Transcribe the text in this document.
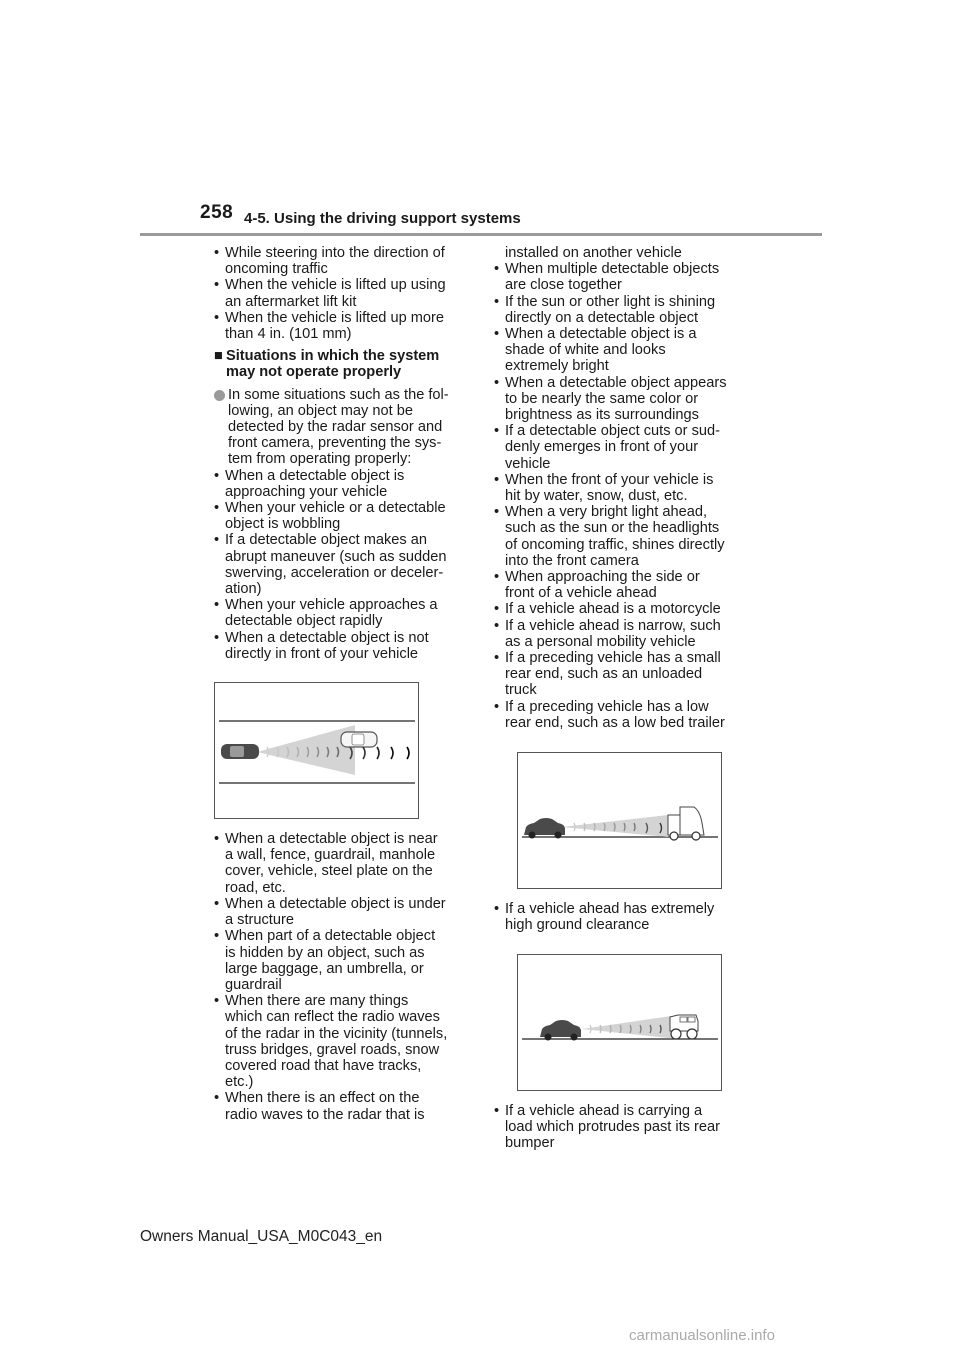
258 4-5. Using the driving support systems
• While steering into the direction of
oncoming traffic
• When the vehicle is lifted up using
an aftermarket lift kit
• When the vehicle is lifted up more
than 4 in. (101 mm)
■ Situations in which the system
may not operate properly
In some situations such as the fol-
lowing, an object may not be
detected by the radar sensor and
front camera, preventing the sys-
tem from operating properly:
• When a detectable object is
approaching your vehicle
• When your vehicle or a detectable
object is wobbling
• If a detectable object makes an
abrupt maneuver (such as sudden
swerving, acceleration or deceler-
ation)
• When your vehicle approaches a
detectable object rapidly
• When a detectable object is not
directly in front of your vehicle
• When a detectable object is near
a wall, fence, guardrail, manhole
cover, vehicle, steel plate on the
road, etc.
• When a detectable object is under
a structure
• When part of a detectable object
is hidden by an object, such as
large baggage, an umbrella, or
guardrail
• When there are many things
which can reflect the radio waves
of the radar in the vicinity (tunnels,
truss bridges, gravel roads, snow
covered road that have tracks,
etc.)
• When there is an effect on the
radio waves to the radar that is
installed on another vehicle
• When multiple detectable objects
are close together
• If the sun or other light is shining
directly on a detectable object
• When a detectable object is a
shade of white and looks
extremely bright
• When a detectable object appears
to be nearly the same color or
brightness as its surroundings
• If a detectable object cuts or sud-
denly emerges in front of your
vehicle
• When the front of your vehicle is
hit by water, snow, dust, etc.
• When a very bright light ahead,
such as the sun or the headlights
of oncoming traffic, shines directly
into the front camera
• When approaching the side or
front of a vehicle ahead
• If a vehicle ahead is a motorcycle
• If a vehicle ahead is narrow, such
as a personal mobility vehicle
• If a preceding vehicle has a small
rear end, such as an unloaded
truck
• If a preceding vehicle has a low
rear end, such as a low bed trailer
• If a vehicle ahead has extremely
high ground clearance
• If a vehicle ahead is carrying a
load which protrudes past its rear
bumper
Owners Manual_USA_M0C043_en
carmanualsonline.info
